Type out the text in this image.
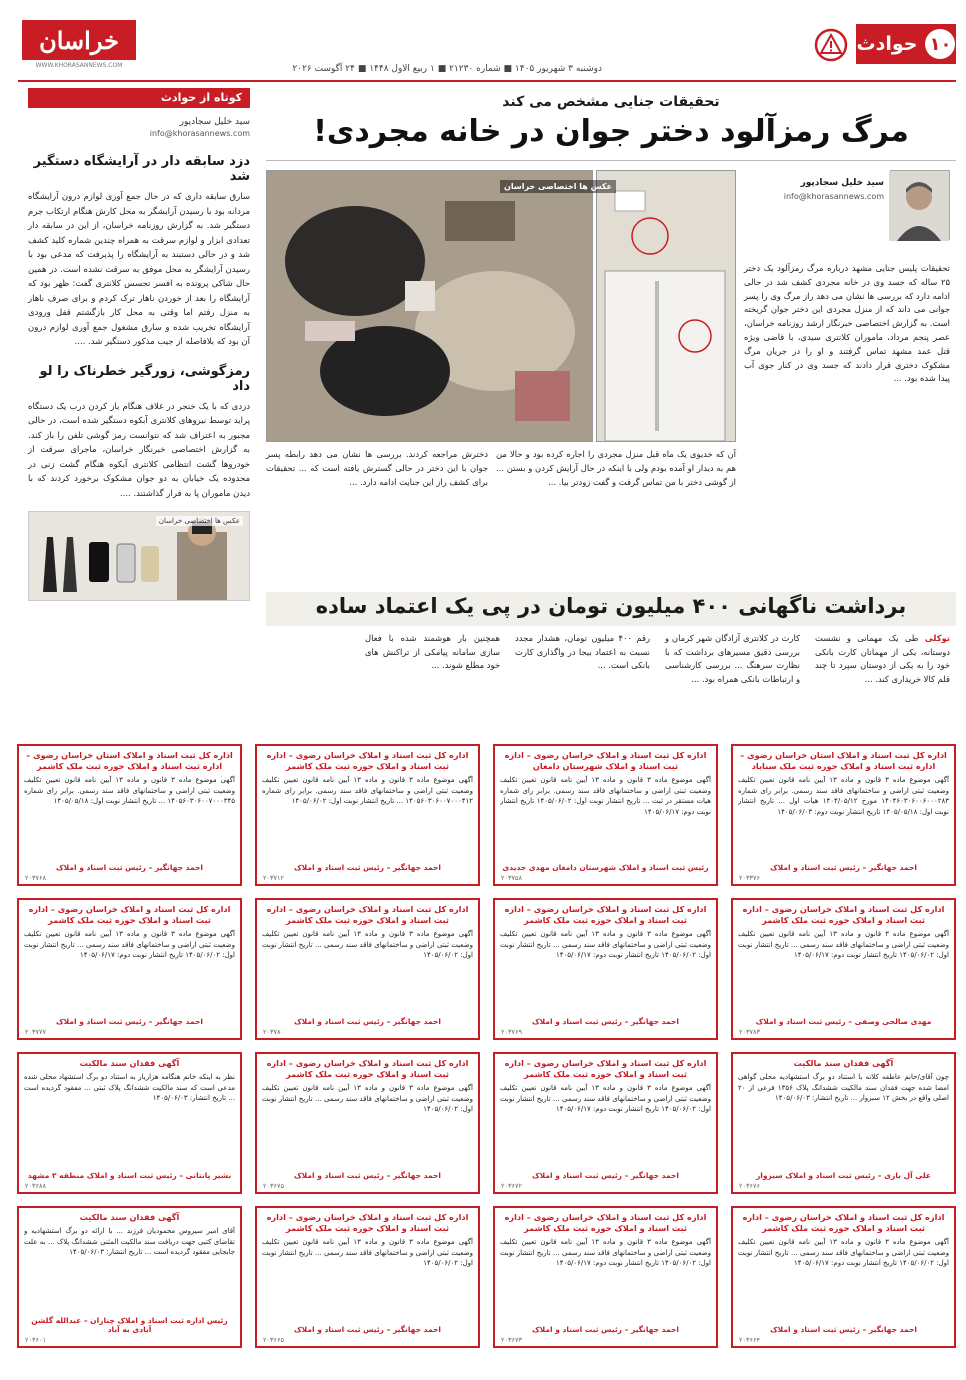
۱۰
حوادث
دوشنبه ۳ شهریور ۱۴۰۵ ■ شماره ۲۱۲۳۰ ■ ۱ ربیع الاول ۱۴۴۸ ■ ۲۴ آگوست ۲۰۲۶
خراسان
WWW.KHORASANNEWS.COM
کوتاه از حوادث
سید خلیل سجادپور
info@khorasannews.com
دزد سابقه دار در آرایشگاه دستگیر شد
سارق سابقه داری که در حال جمع آوری لوازم درون آرایشگاه مردانه بود با رسیدن آرایشگر به محل کارش هنگام ارتکاب جرم دستگیر شد. به گزارش روزنامه خراسان، از این در سابقه دار تعدادی ابزار و لوازم سرقت به همراه چندین شماره کلید کشف شد و در حالی دستبند به آرایشگاه را پذیرفت که مدعی بود با رسیدن آرایشگر به محل موفق به سرقت نشده است. در همین حال شاکی پرونده به افسر تجسس کلانتری گفت: ظهر بود که آرایشگاه را بعد از خوردن ناهار ترک کردم و برای صرف ناهار به منزل رفتم اما وقتی به محل کار بازگشتم قفل ورودی آرایشگاه تخریب شده و سارق مشغول جمع آوری لوازم درون آن بود که بلافاصله از جیب مذکور دستگیر شد. ....
رمزگوشی، زورگیر خطرناک را لو داد
دزدی که با یک خنجر در غلاف هنگام باز کردن درب یک دستگاه پراید توسط نیروهای کلانتری آبکوه دستگیر شده است، در حالی مجبور به اعتراف شد که نتوانست رمز گوشی تلفن را باز کند. به گزارش اختصاصی خبرنگار خراسان، ماجرای سرقت از خودروها گشت انتظامی کلانتری آبکوه هنگام گشت زنی در محدوده یک خیابان به دو جوان مشکوک برخورد کردند که با دیدن ماموران پا به فرار گذاشتند. ....
عکس ها اختصاصی خراسان
تحقیقات جنایی مشخص می کند
مرگ رمزآلود دختر جوان در خانه مجردی!
سید خلیل سجادپور
info@khorasannews.com
عکس ها اختصاصی خراسان
تحقیقات پلیس جنایی مشهد درباره مرگ رمزآلود یک دختر ۲۵ ساله که جسد وی در خانه مجردی کشف شد در حالی ادامه دارد که بررسی ها نشان می دهد راز مرگ وی را پسر جوانی می داند که از منزل مجردی این دختر جوان گریخته است. به گزارش اختصاصی خبرنگار ارشد روزنامه خراسان، عصر پنجم مرداد، ماموران کلانتری سیدی، با قاضی ویژه قتل عمد مشهد تماس گرفتند و او را در جریان مرگ مشکوک دختری قرار دادند که جسد وی در کنار جوی آب پیدا شده بود. ...
آن که خدیوی یک ماه قبل منزل مجردی را اجاره کرده بود و حالا من هم به دیدار او آمده بودم ولی با اینکه در حال آرایش کردن و بستن ... از گوشی دختر با من تماس گرفت و گفت زودتر بیا. ...
دخترش مراجعه کردند. بررسی ها نشان می دهد رابطه پسر جوان با این دختر در حالی گسترش یافته است که ... تحقیقات برای کشف راز این جنایت ادامه دارد. ...
برداشت ناگهانی ۴۰۰ میلیون تومان در پی یک اعتماد ساده
توکلی طی یک مهمانی و نشست دوستانه، یکی از مهمانان کارت بانکی خود را به یکی از دوستان سپرد تا چند قلم کالا خریداری کند. ...
کارت در کلانتری آزادگان شهر کرمان و بررسی دقیق مسیرهای برداشت که با نظارت سرهنگ ... بررسی کارشناسی و ارتباطات بانکی همراه بود. ...
رقم ۴۰۰ میلیون تومان، هشدار مجدد نسبت به اعتماد بیجا در واگذاری کارت بانکی است. ...
همچنین بار هوشمند شده با فعال سازی سامانه پیامکی از تراکنش های خود مطلع شوند. ...
اداره کل ثبت اسناد و املاک استان خراسان رضوی – اداره ثبت اسناد و املاک حوزه ثبت ملک سناباد
آگهی موضوع ماده ۳ قانون و ماده ۱۳ آیین نامه قانون تعیین تکلیف وضعیت ثبتی اراضی و ساختمانهای فاقد سند رسمی. برابر رای شماره ۱۴۰۴۶۰۳۰۶۰۰۶۰۰۰۲۸۳ مورخ ۱۴۰۴/۰۵/۱۲ هیات اول ... تاریخ انتشار نوبت اول: ۱۴۰۵/۰۵/۱۸ تاریخ انتشار نوبت دوم: ۱۴۰۵/۰۶/۰۳
احمد جهانگیر – رئیس ثبت اسناد و املاک
۲۰۳۳۷۶
اداره کل ثبت اسناد و املاک خراسان رضوی – اداره ثبت اسناد و املاک شهرستان دامغان
آگهی موضوع ماده ۳ قانون و ماده ۱۳ آیین نامه قانون تعیین تکلیف وضعیت ثبتی اراضی و ساختمانهای فاقد سند رسمی. برابر رای شماره هیات مستقر در ثبت ... تاریخ انتشار نوبت اول: ۱۴۰۵/۰۶/۰۲ تاریخ انتشار نوبت دوم: ۱۴۰۵/۰۶/۱۷
رئیس ثبت اسناد و املاک شهرستان دامغان مهدی جدیدی
۲۰۳۷۵۸
اداره کل ثبت اسناد و املاک خراسان رضوی – اداره ثبت اسناد و املاک حوزه ثبت ملک کاشمر
آگهی موضوع ماده ۳ قانون و ماده ۱۳ آیین نامه قانون تعیین تکلیف وضعیت ثبتی اراضی و ساختمانهای فاقد سند رسمی. برابر رای شماره ۱۴۰۵۶۰۳۰۶۰۰۷۰۰۰۴۱۲ ... تاریخ انتشار نوبت اول: ۱۴۰۵/۰۶/۰۲
احمد جهانگیر – رئیس ثبت اسناد و املاک
۲۰۳۷۱۲
اداره کل ثبت اسناد و املاک استان خراسان رضوی – اداره ثبت اسناد و املاک حوزه ثبت ملک کاشمر
آگهی موضوع ماده ۳ قانون و ماده ۱۳ آیین نامه قانون تعیین تکلیف وضعیت ثبتی اراضی و ساختمانهای فاقد سند رسمی. برابر رای شماره ۱۴۰۵۶۰۳۰۶۰۰۷۰۰۰۳۴۵ ... تاریخ انتشار نوبت اول: ۱۴۰۵/۰۵/۱۸
احمد جهانگیر – رئیس ثبت اسناد و املاک
۲۰۳۷۶۸
اداره کل ثبت اسناد و املاک خراسان رضوی – اداره ثبت اسناد و املاک حوزه ثبت ملک کاشمر
آگهی موضوع ماده ۳ قانون و ماده ۱۳ آیین نامه قانون تعیین تکلیف وضعیت ثبتی اراضی و ساختمانهای فاقد سند رسمی ... تاریخ انتشار نوبت اول: ۱۴۰۵/۰۶/۰۲ تاریخ انتشار نوبت دوم: ۱۴۰۵/۰۶/۱۷
مهدی صالحی وصفی – رئیس ثبت اسناد و املاک
۲۰۳۷۸۳
اداره کل ثبت اسناد و املاک خراسان رضوی – اداره ثبت اسناد و املاک حوزه ثبت ملک کاشمر
آگهی موضوع ماده ۳ قانون و ماده ۱۳ آیین نامه قانون تعیین تکلیف وضعیت ثبتی اراضی و ساختمانهای فاقد سند رسمی ... تاریخ انتشار نوبت اول: ۱۴۰۵/۰۶/۰۲ تاریخ انتشار نوبت دوم: ۱۴۰۵/۰۶/۱۷
احمد جهانگیر – رئیس ثبت اسناد و املاک
۲۰۳۷۶۹
اداره کل ثبت اسناد و املاک خراسان رضوی – اداره ثبت اسناد و املاک حوزه ثبت ملک کاشمر
آگهی موضوع ماده ۳ قانون و ماده ۱۳ آیین نامه قانون تعیین تکلیف وضعیت ثبتی اراضی و ساختمانهای فاقد سند رسمی ... تاریخ انتشار نوبت اول: ۱۴۰۵/۰۶/۰۲
احمد جهانگیر – رئیس ثبت اسناد و املاک
۲۰۳۷۸۰
اداره کل ثبت اسناد و املاک خراسان رضوی – اداره ثبت اسناد و املاک حوزه ثبت ملک کاشمر
آگهی موضوع ماده ۳ قانون و ماده ۱۳ آیین نامه قانون تعیین تکلیف وضعیت ثبتی اراضی و ساختمانهای فاقد سند رسمی ... تاریخ انتشار نوبت اول: ۱۴۰۵/۰۶/۰۲ تاریخ انتشار نوبت دوم: ۱۴۰۵/۰۶/۱۷
احمد جهانگیر – رئیس ثبت اسناد و املاک
۲۰۳۷۷۷
آگهی فقدان سند مالکیت
چون آقای/خانم عاطفه کلاته با استناد دو برگ استشهادیه محلی گواهی امضا شده جهت فقدان سند مالکیت ششدانگ پلاک ۱۳۵۶ فرعی از ۲۰ اصلی واقع در بخش ۱۲ سبزوار ... تاریخ انتشار: ۱۴۰۵/۰۶/۰۳
علی آل بازی – رئیس ثبت اسناد و املاک سبزوار
۲۰۳۶۷۶
اداره کل ثبت اسناد و املاک خراسان رضوی – اداره ثبت اسناد و املاک حوزه ثبت ملک کاشمر
آگهی موضوع ماده ۳ قانون و ماده ۱۳ آیین نامه قانون تعیین تکلیف وضعیت ثبتی اراضی و ساختمانهای فاقد سند رسمی ... تاریخ انتشار نوبت اول: ۱۴۰۵/۰۶/۰۲ تاریخ انتشار نوبت دوم: ۱۴۰۵/۰۶/۱۷
احمد جهانگیر – رئیس ثبت اسناد و املاک
۲۰۳۶۷۲
اداره کل ثبت اسناد و املاک خراسان رضوی – اداره ثبت اسناد و املاک حوزه ثبت ملک کاشمر
آگهی موضوع ماده ۳ قانون و ماده ۱۳ آیین نامه قانون تعیین تکلیف وضعیت ثبتی اراضی و ساختمانهای فاقد سند رسمی ... تاریخ انتشار نوبت اول: ۱۴۰۵/۰۶/۰۲
احمد جهانگیر – رئیس ثبت اسناد و املاک
۲۰۳۶۷۵
آگهی فقدان سند مالکیت
نظر به اینکه خانم هنگامه هزاریار به استناد دو برگ استشهاد محلی شده مدعی است که سند مالکیت ششدانگ پلاک ثبتی ... مفقود گردیده است ... تاریخ انتشار: ۱۴۰۵/۰۶/۰۳
بشیر پانتانی – رئیس ثبت اسناد و املاک منطقه ۲ مشهد
۲۰۳۶۸۸
اداره کل ثبت اسناد و املاک خراسان رضوی – اداره ثبت اسناد و املاک حوزه ثبت ملک کاشمر
آگهی موضوع ماده ۳ قانون و ماده ۱۳ آیین نامه قانون تعیین تکلیف وضعیت ثبتی اراضی و ساختمانهای فاقد سند رسمی ... تاریخ انتشار نوبت اول: ۱۴۰۵/۰۶/۰۲ تاریخ انتشار نوبت دوم: ۱۴۰۵/۰۶/۱۷
احمد جهانگیر – رئیس ثبت اسناد و املاک
۲۰۳۶۶۴
اداره کل ثبت اسناد و املاک خراسان رضوی – اداره ثبت اسناد و املاک حوزه ثبت ملک کاشمر
آگهی موضوع ماده ۳ قانون و ماده ۱۳ آیین نامه قانون تعیین تکلیف وضعیت ثبتی اراضی و ساختمانهای فاقد سند رسمی ... تاریخ انتشار نوبت اول: ۱۴۰۵/۰۶/۰۲ تاریخ انتشار نوبت دوم: ۱۴۰۵/۰۶/۱۷
احمد جهانگیر – رئیس ثبت اسناد و املاک
۲۰۳۶۷۳
اداره کل ثبت اسناد و املاک خراسان رضوی – اداره ثبت اسناد و املاک حوزه ثبت ملک کاشمر
آگهی موضوع ماده ۳ قانون و ماده ۱۳ آیین نامه قانون تعیین تکلیف وضعیت ثبتی اراضی و ساختمانهای فاقد سند رسمی ... تاریخ انتشار نوبت اول: ۱۴۰۵/۰۶/۰۲
احمد جهانگیر – رئیس ثبت اسناد و املاک
۲۰۳۶۶۵
آگهی فقدان سند مالکیت
آقای امیر سیروس محمودیان فرزند ... با ارائه دو برگ استشهادیه و تقاضای کتبی جهت دریافت سند مالکیت المثنی ششدانگ پلاک ... به علت جابجایی مفقود گردیده است ... تاریخ انتشار: ۱۴۰۵/۰۶/۰۳
رئیس اداره ثبت اسناد و املاک چناران – عبدالله گلشن آبادی به آباد
۲۰۳۶۰۱
